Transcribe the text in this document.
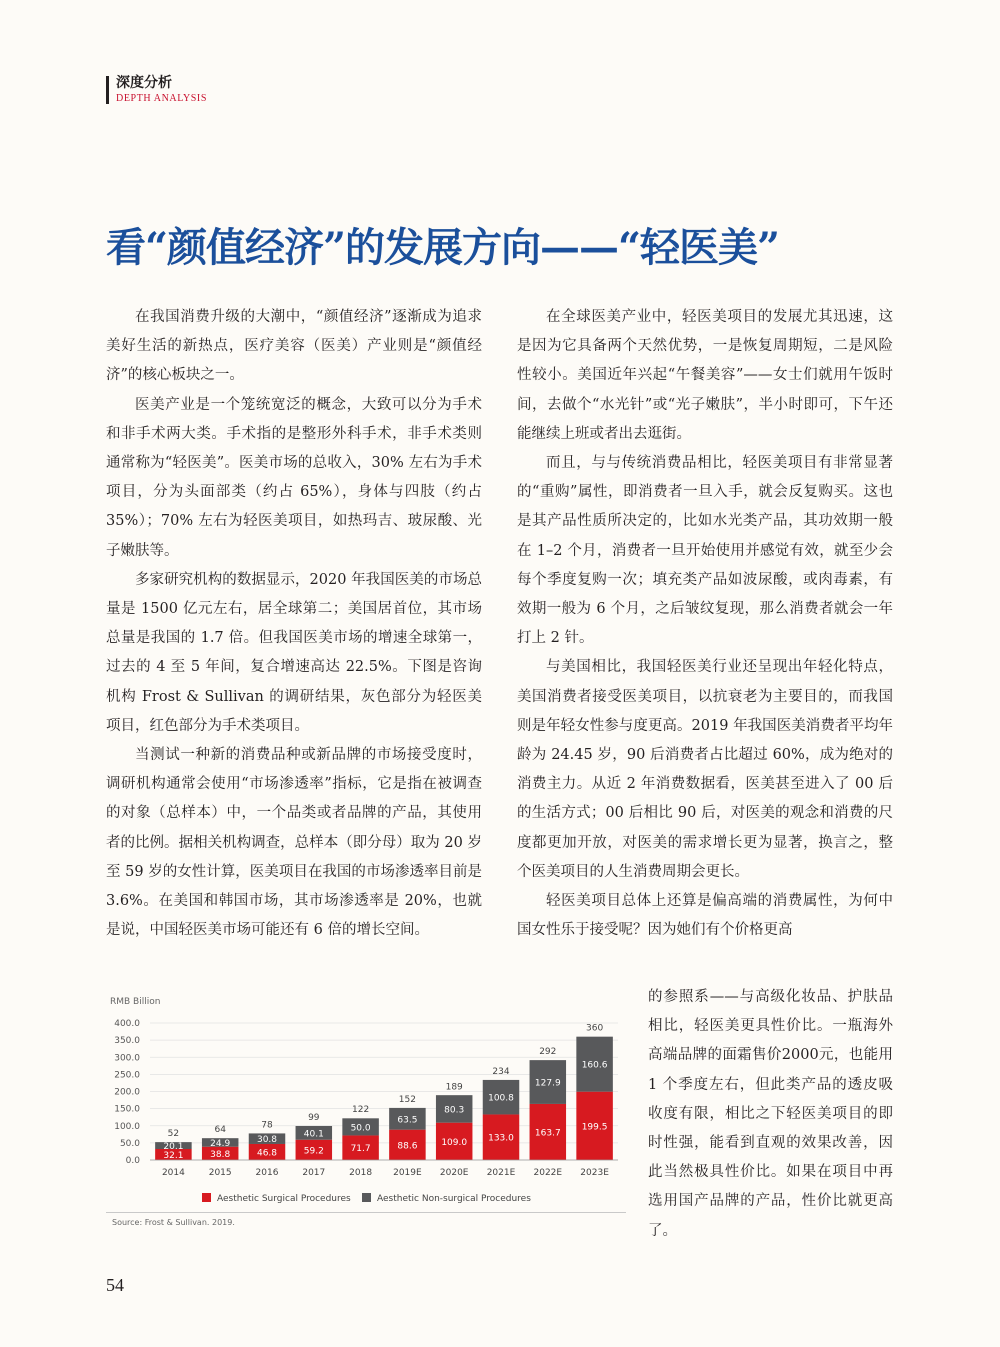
深度分析
DEPTH ANALYSIS
看“颜值经济”的发展方向——“轻医美”

在我国消费升级的大潮中，“颜值经济”逐渐成为追求美好生活的新热点，医疗美容（医美）产业则是“颜值经济”的核心板块之一。

医美产业是一个笼统宽泛的概念，大致可以分为手术和非手术两大类。手术指的是整形外科手术，非手术类则通常称为“轻医美”。医美市场的总收入，30% 左右为手术项目，分为头面部类（约占 65%），身体与四肢（约占 35%）；70% 左右为轻医美项目，如热玛吉、玻尿酸、光子嫩肤等。

多家研究机构的数据显示，2020 年我国医美的市场总量是 1500 亿元左右，居全球第二；美国居首位，其市场总量是我国的 1.7 倍。但我国医美市场的增速全球第一，过去的 4 至 5 年间，复合增速高达 22.5%。下图是咨询机构 Frost & Sullivan 的调研结果，灰色部分为轻医美项目，红色部分为手术类项目。

当测试一种新的消费品种或新品牌的市场接受度时，调研机构通常会使用“市场渗透率”指标，它是指在被调查的对象（总样本）中，一个品类或者品牌的产品，其使用者的比例。据相关机构调查，总样本（即分母）取为 20 岁至 59 岁的女性计算，医美项目在我国的市场渗透率目前是 3.6%。在美国和韩国市场，其市场渗透率是 20%，也就是说，中国轻医美市场可能还有 6 倍的增长空间。

在全球医美产业中，轻医美项目的发展尤其迅速，这是因为它具备两个天然优势，一是恢复周期短，二是风险性较小。美国近年兴起“午餐美容”——女士们就用午饭时间，去做个“水光针”或“光子嫩肤”，半小时即可，下午还能继续上班或者出去逛街。

而且，与与传统消费品相比，轻医美项目有非常显著的“重购”属性，即消费者一旦入手，就会反复购买。这也是其产品性质所决定的，比如水光类产品，其功效期一般在 1–2 个月，消费者一旦开始使用并感觉有效，就至少会每个季度复购一次；填充类产品如波尿酸，或肉毒素，有效期一般为 6 个月，之后皱纹复现，那么消费者就会一年打上 2 针。

与美国相比，我国轻医美行业还呈现出年轻化特点，美国消费者接受医美项目，以抗衰老为主要目的，而我国则是年轻女性参与度更高。2019 年我国医美消费者平均年龄为 24.45 岁，90 后消费者占比超过 60%，成为绝对的消费主力。从近 2 年消费数据看，医美甚至进入了 00 后的生活方式；00 后相比 90 后，对医美的观念和消费的尺度都更加开放，对医美的需求增长更为显著，换言之，整个医美项目的人生消费周期会更长。

轻医美项目总体上还算是偏高端的消费属性，为何中国女性乐于接受呢？因为她们有个价格更高

的参照系——与高级化妆品、护肤品相比，轻医美更具性价比。一瓶海外高端品牌的面霜售价2000元，也能用 1 个季度左右，但此类产品的透皮吸收度有限，相比之下轻医美项目的即时性强，能看到直观的效果改善，因此当然极具性价比。如果在项目中再选用国产品牌的产品，性价比就更高了。

RMB Billion
0.0
50.0
100.0
150.0
200.0
250.0
300.0
350.0
400.0
32.1
20.1
52
2014
38.8
24.9
64
2015
46.8
30.8
78
2016
59.2
40.1
99
2017
71.7
50.0
122
2018
88.6
63.5
152
2019E
109.0
80.3
189
2020E
133.0
100.8
234
2021E
163.7
127.9
292
2022E
199.5
160.6
360
2023E
Aesthetic Surgical Procedures	Aesthetic Non-surgical Procedures
Source: Frost & Sullivan. 2019.
54
